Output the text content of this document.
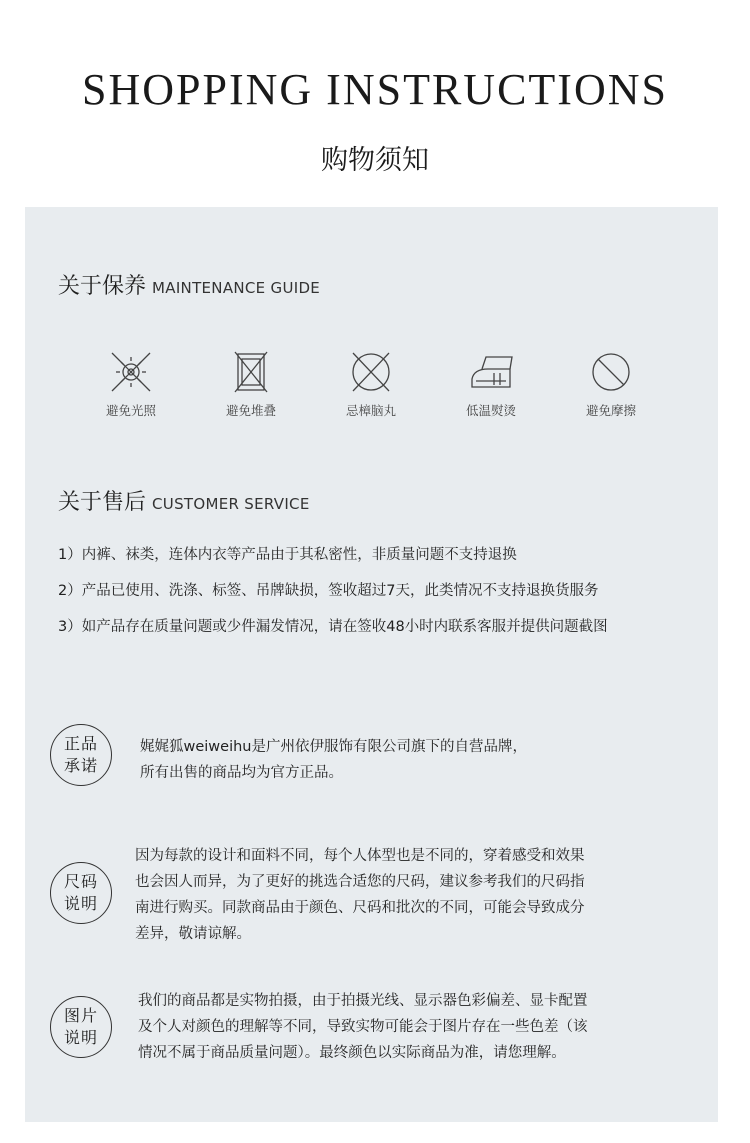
SHOPPING INSTRUCTIONS
购物须知
关于保养 MAINTENANCE GUIDE
避免光照	避免堆叠	忌樟脑丸	低温熨烫	避免摩擦
关于售后 CUSTOMER SERVICE
1）内裤、袜类，连体内衣等产品由于其私密性，非质量问题不支持退换
2）产品已使用、洗涤、标签、吊牌缺损，签收超过7天，此类情况不支持退换货服务
3）如产品存在质量问题或少件漏发情况，请在签收48小时内联系客服并提供问题截图
正品承诺
娓娓狐weiweihu是广州依伊服饰有限公司旗下的自营品牌，
所有出售的商品均为官方正品。
尺码说明
因为每款的设计和面料不同，每个人体型也是不同的，穿着感受和效果
也会因人而异，为了更好的挑选合适您的尺码，建议参考我们的尺码指
南进行购买。同款商品由于颜色、尺码和批次的不同，可能会导致成分
差异，敬请谅解。
图片说明
我们的商品都是实物拍摄，由于拍摄光线、显示器色彩偏差、显卡配置
及个人对颜色的理解等不同，导致实物可能会于图片存在一些色差（该
情况不属于商品质量问题）。最终颜色以实际商品为准，请您理解。
